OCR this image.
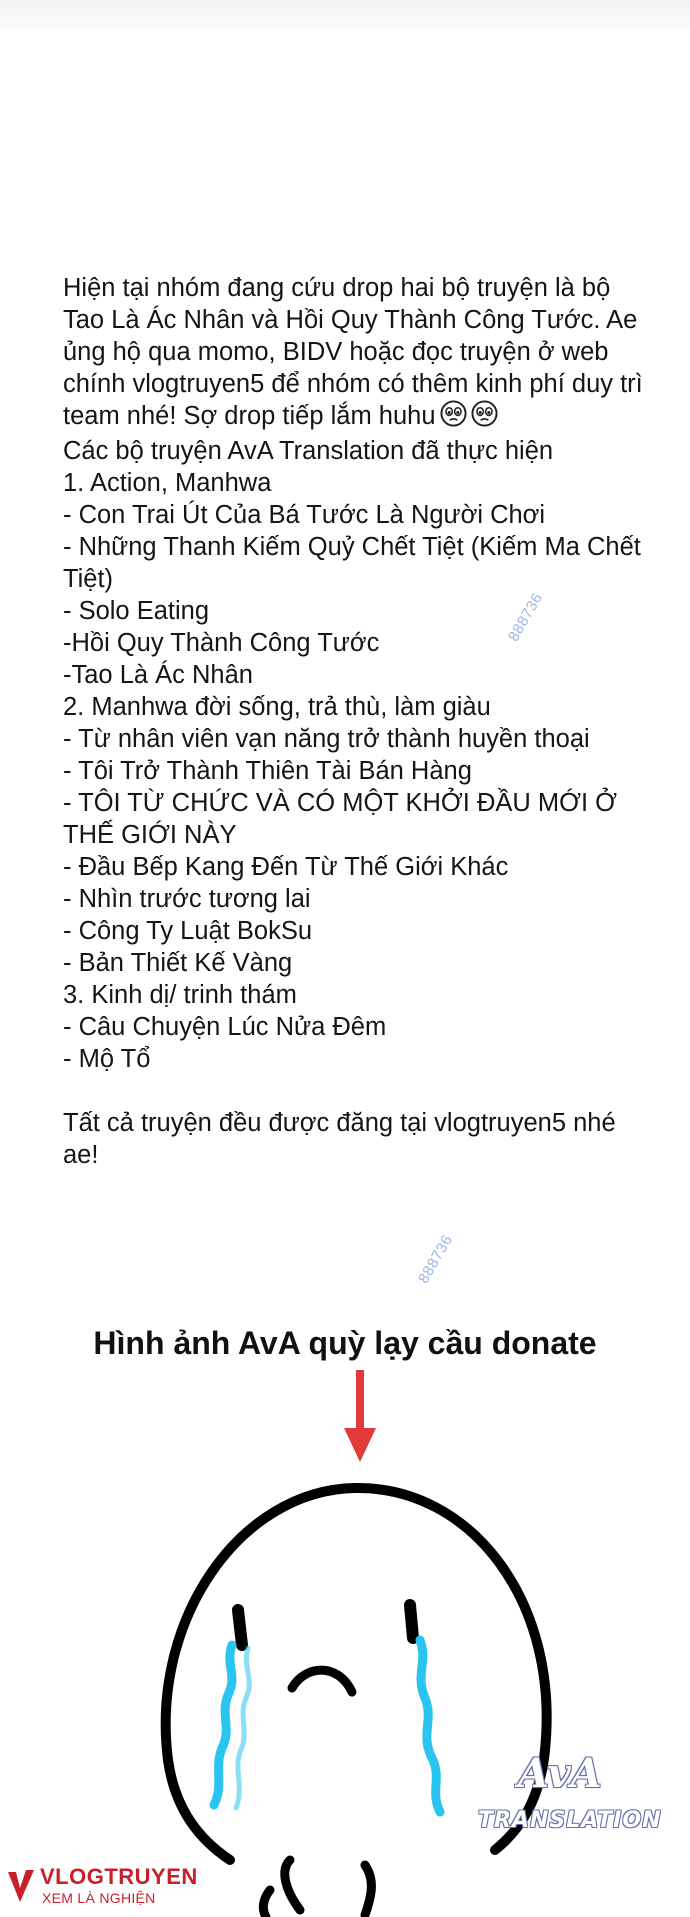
Hiện tại nhóm đang cứu drop hai bộ truyện là bộ Tao Là Ác Nhân và Hồi Quy Thành Công Tước. Ae ủng hộ qua momo, BIDV hoặc đọc truyện ở web chính vlogtruyen5 để nhóm có thêm kinh phí duy trì team nhé! Sợ drop tiếp lắm huhu

Các bộ truyện AvA Translation đã thực hiện

1. Action, Manhwa
- Con Trai Út Của Bá Tước Là Người Chơi
- Những Thanh Kiếm Quỷ Chết Tiệt (Kiếm Ma Chết Tiệt)
- Solo Eating
-Hồi Quy Thành Công Tước
-Tao Là Ác Nhân
2. Manhwa đời sống, trả thù, làm giàu
- Từ nhân viên vạn năng trở thành huyền thoại
- Tôi Trở Thành Thiên Tài Bán Hàng
- TÔI TỪ CHỨC VÀ CÓ MỘT KHỞI ĐẦU MỚI Ở THẾ GIỚI NÀY
- Đầu Bếp Kang Đến Từ Thế Giới Khác
- Nhìn trước tương lai
- Công Ty Luật BokSu
- Bản Thiết Kế Vàng
3. Kinh dị/ trinh thám
- Câu Chuyện Lúc Nửa Đêm
- Mộ Tổ

Tất cả truyện đều được đăng tại vlogtruyen5 nhé ae!

888736
888736
Hình ảnh AvA quỳ lạy cầu donate
AvA
TRANSLATION
VLOGTRUYEN
XEM LÀ NGHIỆN
